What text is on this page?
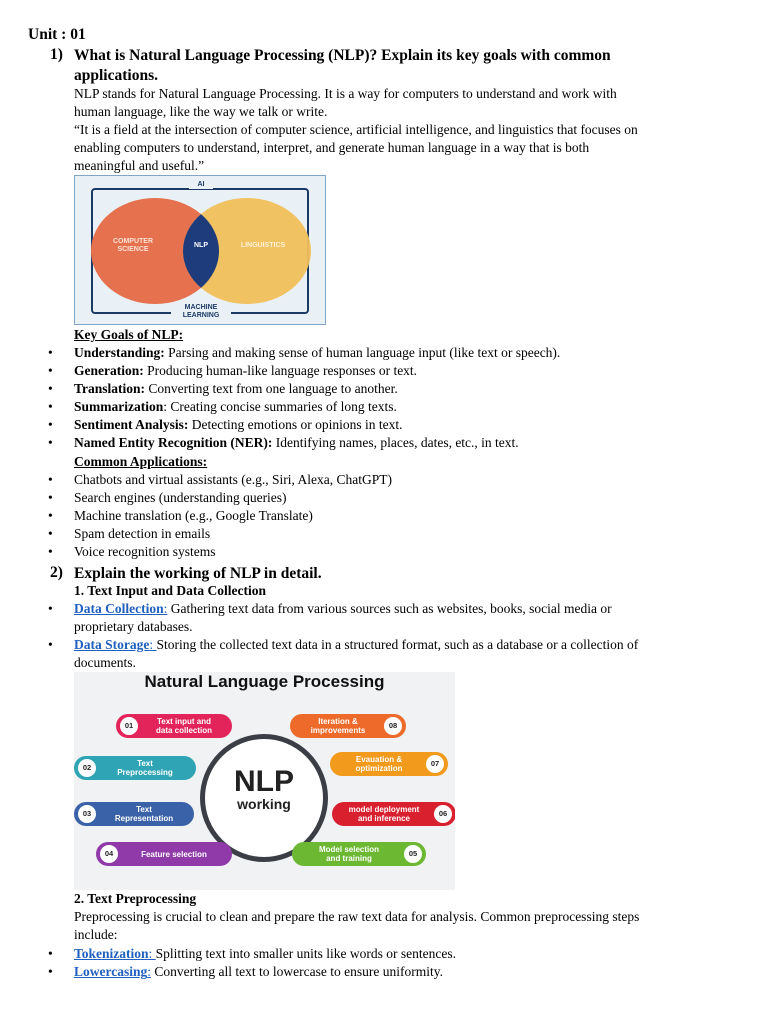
Unit : 01
1) What is Natural Language Processing (NLP)? Explain its key goals with common
applications.
NLP stands for Natural Language Processing. It is a way for computers to understand and work with
human language, like the way we talk or write.
“It is a field at the intersection of computer science, artificial intelligence, and linguistics that focuses on
enabling computers to understand, interpret, and generate human language in a way that is both
meaningful and useful.”
AI
COMPUTER
SCIENCE
NLP	LINGUISTICS
MACHINE
LEARNING
Key Goals of NLP:
•	Understanding: Parsing and making sense of human language input (like text or speech).
•	Generation: Producing human-like language responses or text.
•	Translation: Converting text from one language to another.
•	Summarization: Creating concise summaries of long texts.
•	Sentiment Analysis: Detecting emotions or opinions in text.
•	Named Entity Recognition (NER): Identifying names, places, dates, etc., in text.
Common Applications:
•	Chatbots and virtual assistants (e.g., Siri, Alexa, ChatGPT)
•	Search engines (understanding queries)
•	Machine translation (e.g., Google Translate)
•	Spam detection in emails
•	Voice recognition systems
2) Explain the working of NLP in detail.
1. Text Input and Data Collection
•	Data Collection: Gathering text data from various sources such as websites, books, social media or
proprietary databases.
•	Data Storage: Storing the collected text data in a structured format, such as a database or a collection of
documents.
Natural Language Processing
NLP
working
01	Text input and
data collection
02	Text
Preprocessing
03	Text
Representation
04	Feature selection	05
Model selection
and training
06
model deployment
and inference
07
Evauation &
optimization
08
Iteration &
improvements
2. Text Preprocessing
Preprocessing is crucial to clean and prepare the raw text data for analysis. Common preprocessing steps
include:
•	Tokenization: Splitting text into smaller units like words or sentences.
•	Lowercasing: Converting all text to lowercase to ensure uniformity.
